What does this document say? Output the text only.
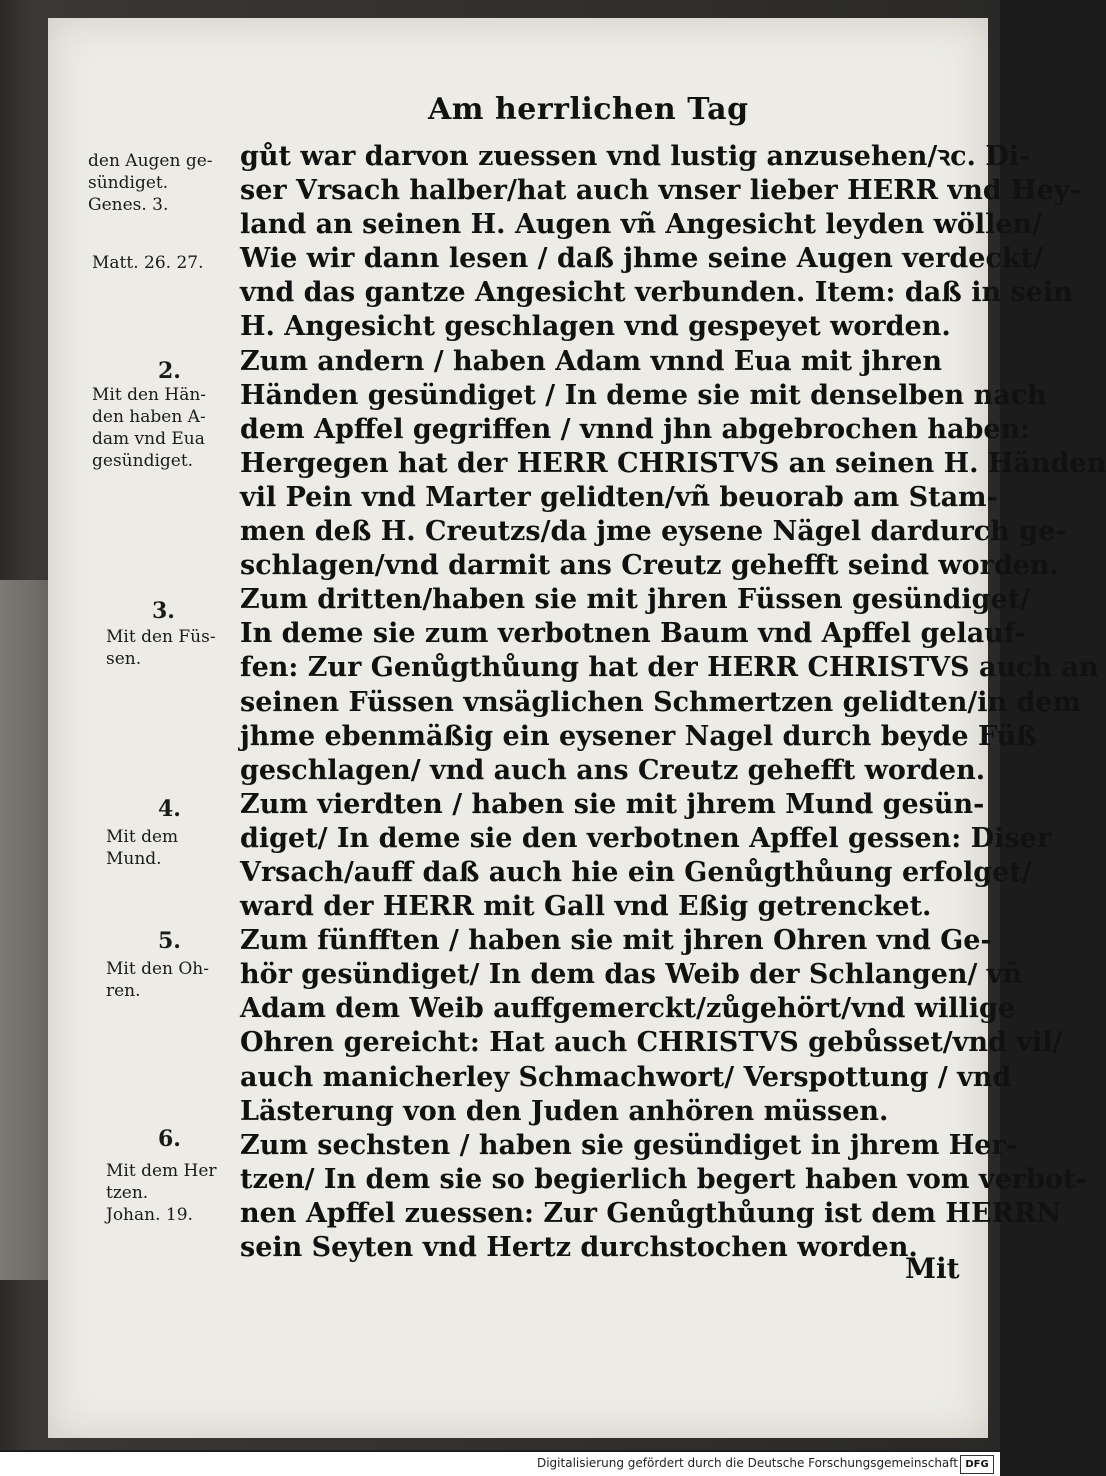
Am herrlichen Tag
gůt war darvon zuessen vnd lustig anzusehen/ꝛc. Di-
ser Vrsach halber/hat auch vnser lieber HERR vnd Hey-
land an seinen H. Augen vñ Angesicht leyden wöllen/
Wie wir dann lesen / daß jhme seine Augen verdeckt/
vnd das gantze Angesicht verbunden. Item: daß in sein
H. Angesicht geschlagen vnd gespeyet worden.
Zum andern / haben Adam vnnd Eua mit jhren
Händen gesündiget / In deme sie mit denselben nach
dem Apffel gegriffen / vnnd jhn abgebrochen haben:
Hergegen hat der HERR CHRISTVS an seinen H. Händen
vil Pein vnd Marter gelidten/vñ beuorab am Stam-
men deß H. Creutzs/da jme eysene Nägel dardurch ge-
schlagen/vnd darmit ans Creutz gehefft seind worden.
Zum dritten/haben sie mit jhren Füssen gesündiget/
In deme sie zum verbotnen Baum vnd Apffel gelauf-
fen: Zur Genůgthůung hat der HERR CHRISTVS auch an
seinen Füssen vnsäglichen Schmertzen gelidten/in dem
jhme ebenmäßig ein eysener Nagel durch beyde Füß
geschlagen/ vnd auch ans Creutz gehefft worden.
Zum vierdten / haben sie mit jhrem Mund gesün-
diget/ In deme sie den verbotnen Apffel gessen: Diser
Vrsach/auff daß auch hie ein Genůgthůung erfolget/
ward der HERR mit Gall vnd Eßig getrencket.
Zum fünfften / haben sie mit jhren Ohren vnd Ge-
hör gesündiget/ In dem das Weib der Schlangen/ vñ
Adam dem Weib auffgemerckt/zůgehört/vnd willige
Ohren gereicht: Hat auch CHRISTVS gebůsset/vnd vil/
auch manicherley Schmachwort/ Verspottung / vnd
Lästerung von den Juden anhören müssen.
Zum sechsten / haben sie gesündiget in jhrem Her-
tzen/ In dem sie so begierlich begert haben vom verbot-
nen Apffel zuessen: Zur Genůgthůung ist dem HERRN
sein Seyten vnd Hertz durchstochen worden.
den Augen ge-
sündiget.
Genes. 3.
Matt. 26. 27.
2.
Mit den Hän-
den haben A-
dam vnd Eua
gesündiget.
3.
Mit den Füs-
sen.
4.
Mit dem
Mund.
5.
Mit den Oh-
ren.
6.
Mit dem Her
tzen.
Johan. 19.
Mit
Digitalisierung gefördert durch die Deutsche Forschungsgemeinschaft DFG
